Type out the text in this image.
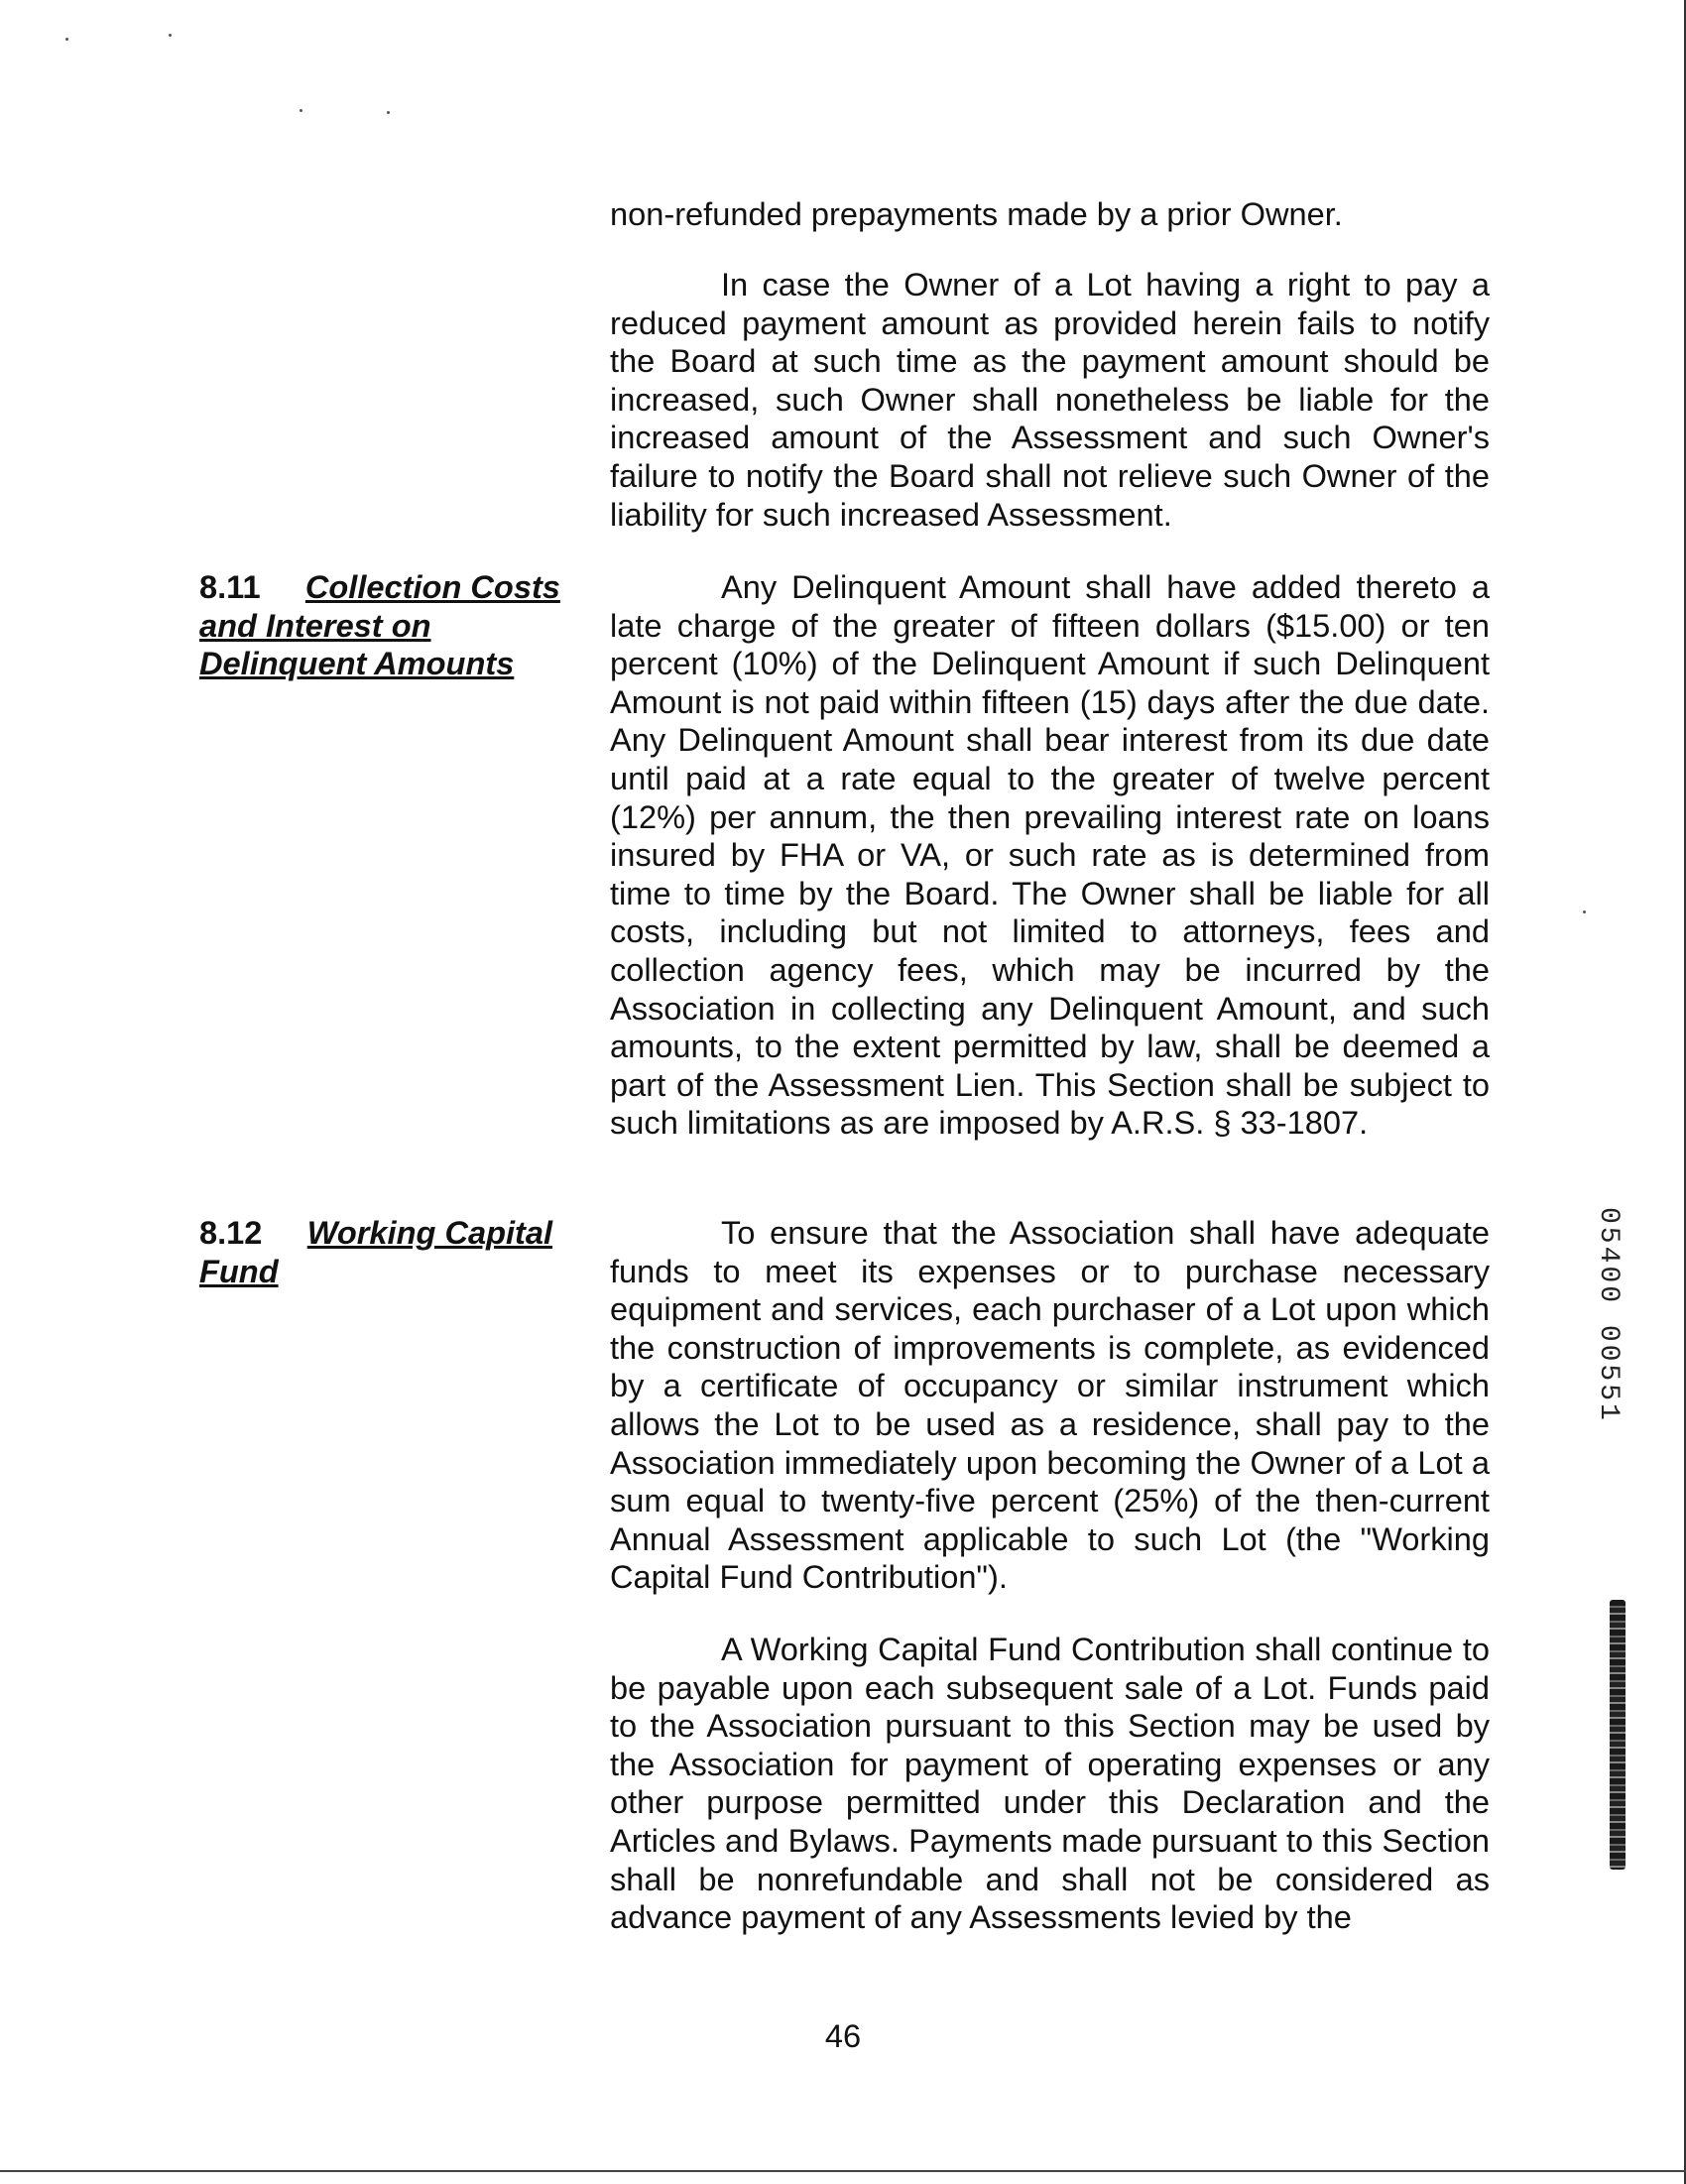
non-refunded prepayments made by a prior Owner.

In case the Owner of a Lot having a right to pay a reduced payment amount as provided herein fails to notify the Board at such time as the payment amount should be increased, such Owner shall nonetheless be liable for the increased amount of the Assessment and such Owner's failure to notify the Board shall not relieve such Owner of the liability for such increased Assessment.

8.11 Collection Costs and Interest on Delinquent Amounts

Any Delinquent Amount shall have added thereto a late charge of the greater of fifteen dollars ($15.00) or ten percent (10%) of the Delinquent Amount if such Delinquent Amount is not paid within fifteen (15) days after the due date. Any Delinquent Amount shall bear interest from its due date until paid at a rate equal to the greater of twelve percent (12%) per annum, the then prevailing interest rate on loans insured by FHA or VA, or such rate as is determined from time to time by the Board. The Owner shall be liable for all costs, including but not limited to attorneys, fees and collection agency fees, which may be incurred by the Association in collecting any Delinquent Amount, and such amounts, to the extent permitted by law, shall be deemed a part of the Assessment Lien. This Section shall be subject to such limitations as are imposed by A.R.S. § 33-1807.

8.12 Working Capital Fund

To ensure that the Association shall have adequate funds to meet its expenses or to purchase necessary equipment and services, each purchaser of a Lot upon which the construction of improvements is complete, as evidenced by a certificate of occupancy or similar instrument which allows the Lot to be used as a residence, shall pay to the Association immediately upon becoming the Owner of a Lot a sum equal to twenty-five percent (25%) of the then-current Annual Assessment applicable to such Lot (the "Working Capital Fund Contribution").

A Working Capital Fund Contribution shall continue to be payable upon each subsequent sale of a Lot. Funds paid to the Association pursuant to this Section may be used by the Association for payment of operating expenses or any other purpose permitted under this Declaration and the Articles and Bylaws. Payments made pursuant to this Section shall be nonrefundable and shall not be considered as advance payment of any Assessments levied by the

46
05400 00551
